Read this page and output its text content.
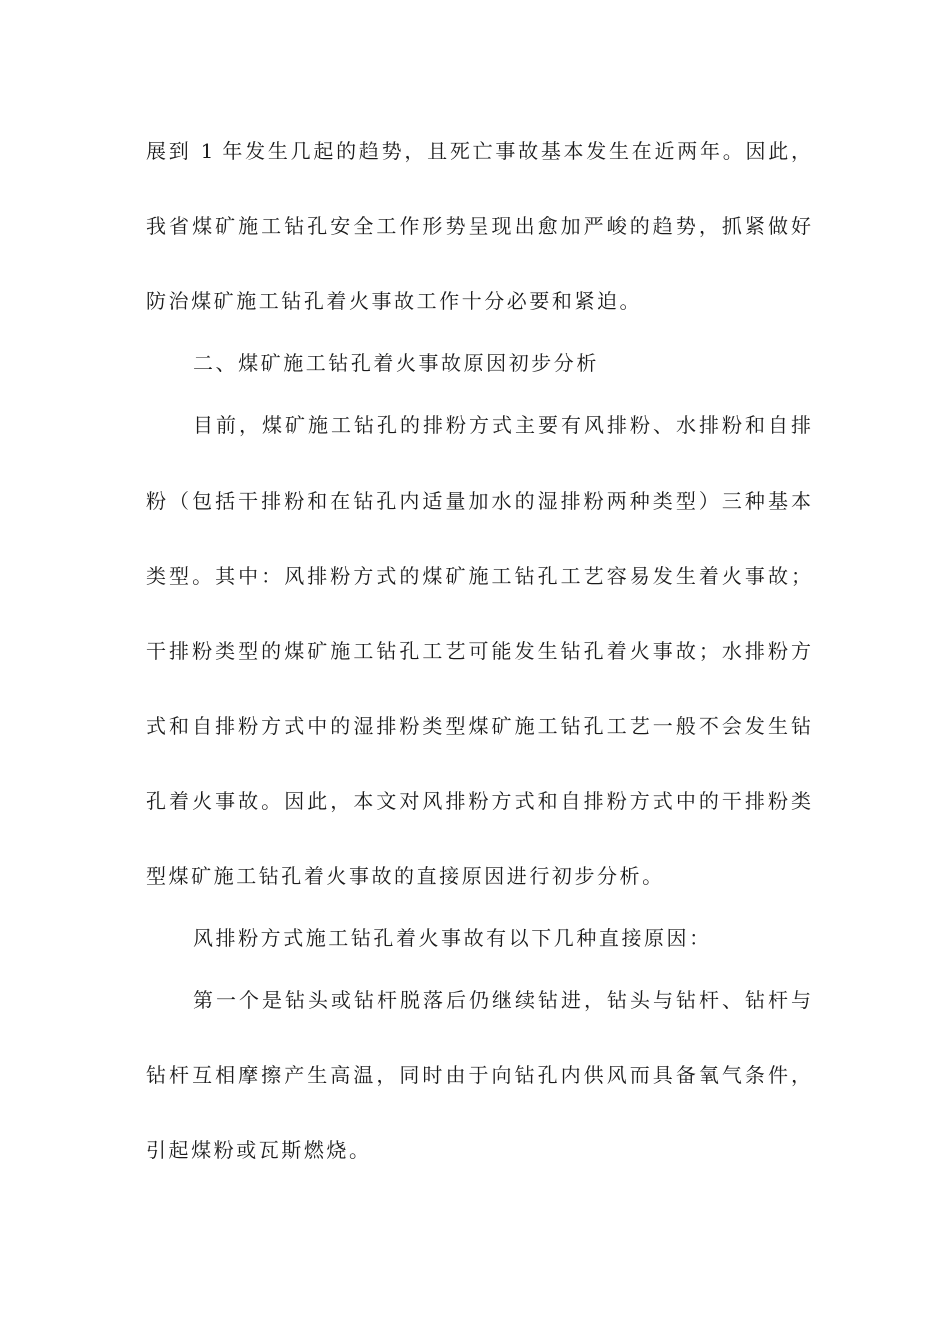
展到 1 年发生几起的趋势，且死亡事故基本发生在近两年。因此，
我省煤矿施工钻孔安全工作形势呈现出愈加严峻的趋势，抓紧做好
防治煤矿施工钻孔着火事故工作十分必要和紧迫。
二、煤矿施工钻孔着火事故原因初步分析
目前，煤矿施工钻孔的排粉方式主要有风排粉、水排粉和自排
粉（包括干排粉和在钻孔内适量加水的湿排粉两种类型）三种基本
类型。其中：风排粉方式的煤矿施工钻孔工艺容易发生着火事故；
干排粉类型的煤矿施工钻孔工艺可能发生钻孔着火事故；水排粉方
式和自排粉方式中的湿排粉类型煤矿施工钻孔工艺一般不会发生钻
孔着火事故。因此，本文对风排粉方式和自排粉方式中的干排粉类
型煤矿施工钻孔着火事故的直接原因进行初步分析。
风排粉方式施工钻孔着火事故有以下几种直接原因：
第一个是钻头或钻杆脱落后仍继续钻进，钻头与钻杆、钻杆与
钻杆互相摩擦产生高温，同时由于向钻孔内供风而具备氧气条件，
引起煤粉或瓦斯燃烧。
